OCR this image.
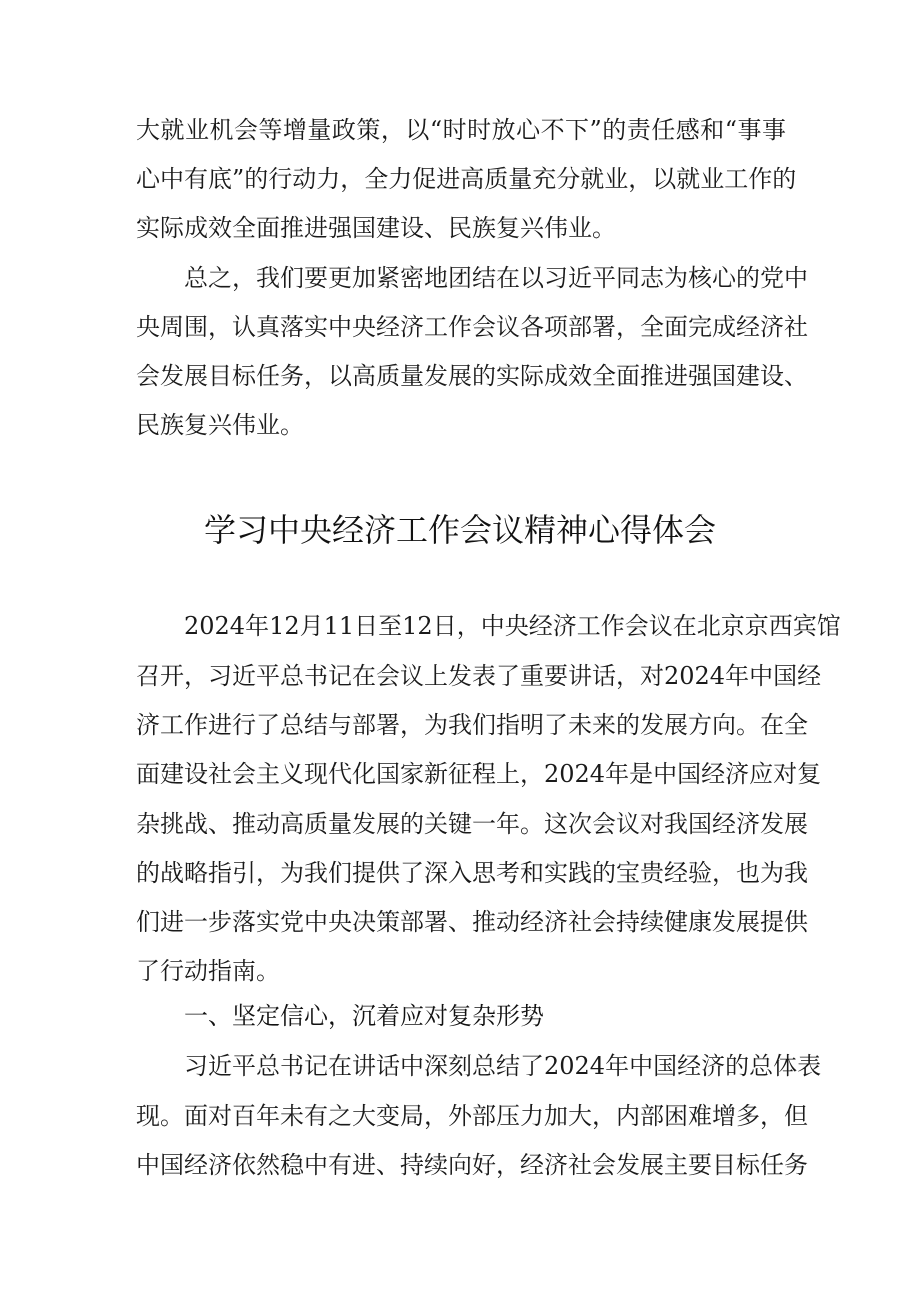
大就业机会等增量政策，以“时时放心不下”的责任感和“事事
心中有底”的行动力，全力促进高质量充分就业，以就业工作的
实际成效全面推进强国建设、民族复兴伟业。
总之，我们要更加紧密地团结在以习近平同志为核心的党中
央周围，认真落实中央经济工作会议各项部署，全面完成经济社
会发展目标任务，以高质量发展的实际成效全面推进强国建设、
民族复兴伟业。
学习中央经济工作会议精神心得体会
2024年12月11日至12日，中央经济工作会议在北京京西宾馆
召开，习近平总书记在会议上发表了重要讲话，对2024年中国经
济工作进行了总结与部署，为我们指明了未来的发展方向。在全
面建设社会主义现代化国家新征程上，2024年是中国经济应对复
杂挑战、推动高质量发展的关键一年。这次会议对我国经济发展
的战略指引，为我们提供了深入思考和实践的宝贵经验，也为我
们进一步落实党中央决策部署、推动经济社会持续健康发展提供
了行动指南。
一、坚定信心，沉着应对复杂形势
习近平总书记在讲话中深刻总结了2024年中国经济的总体表
现。面对百年未有之大变局，外部压力加大，内部困难增多，但
中国经济依然稳中有进、持续向好，经济社会发展主要目标任务
